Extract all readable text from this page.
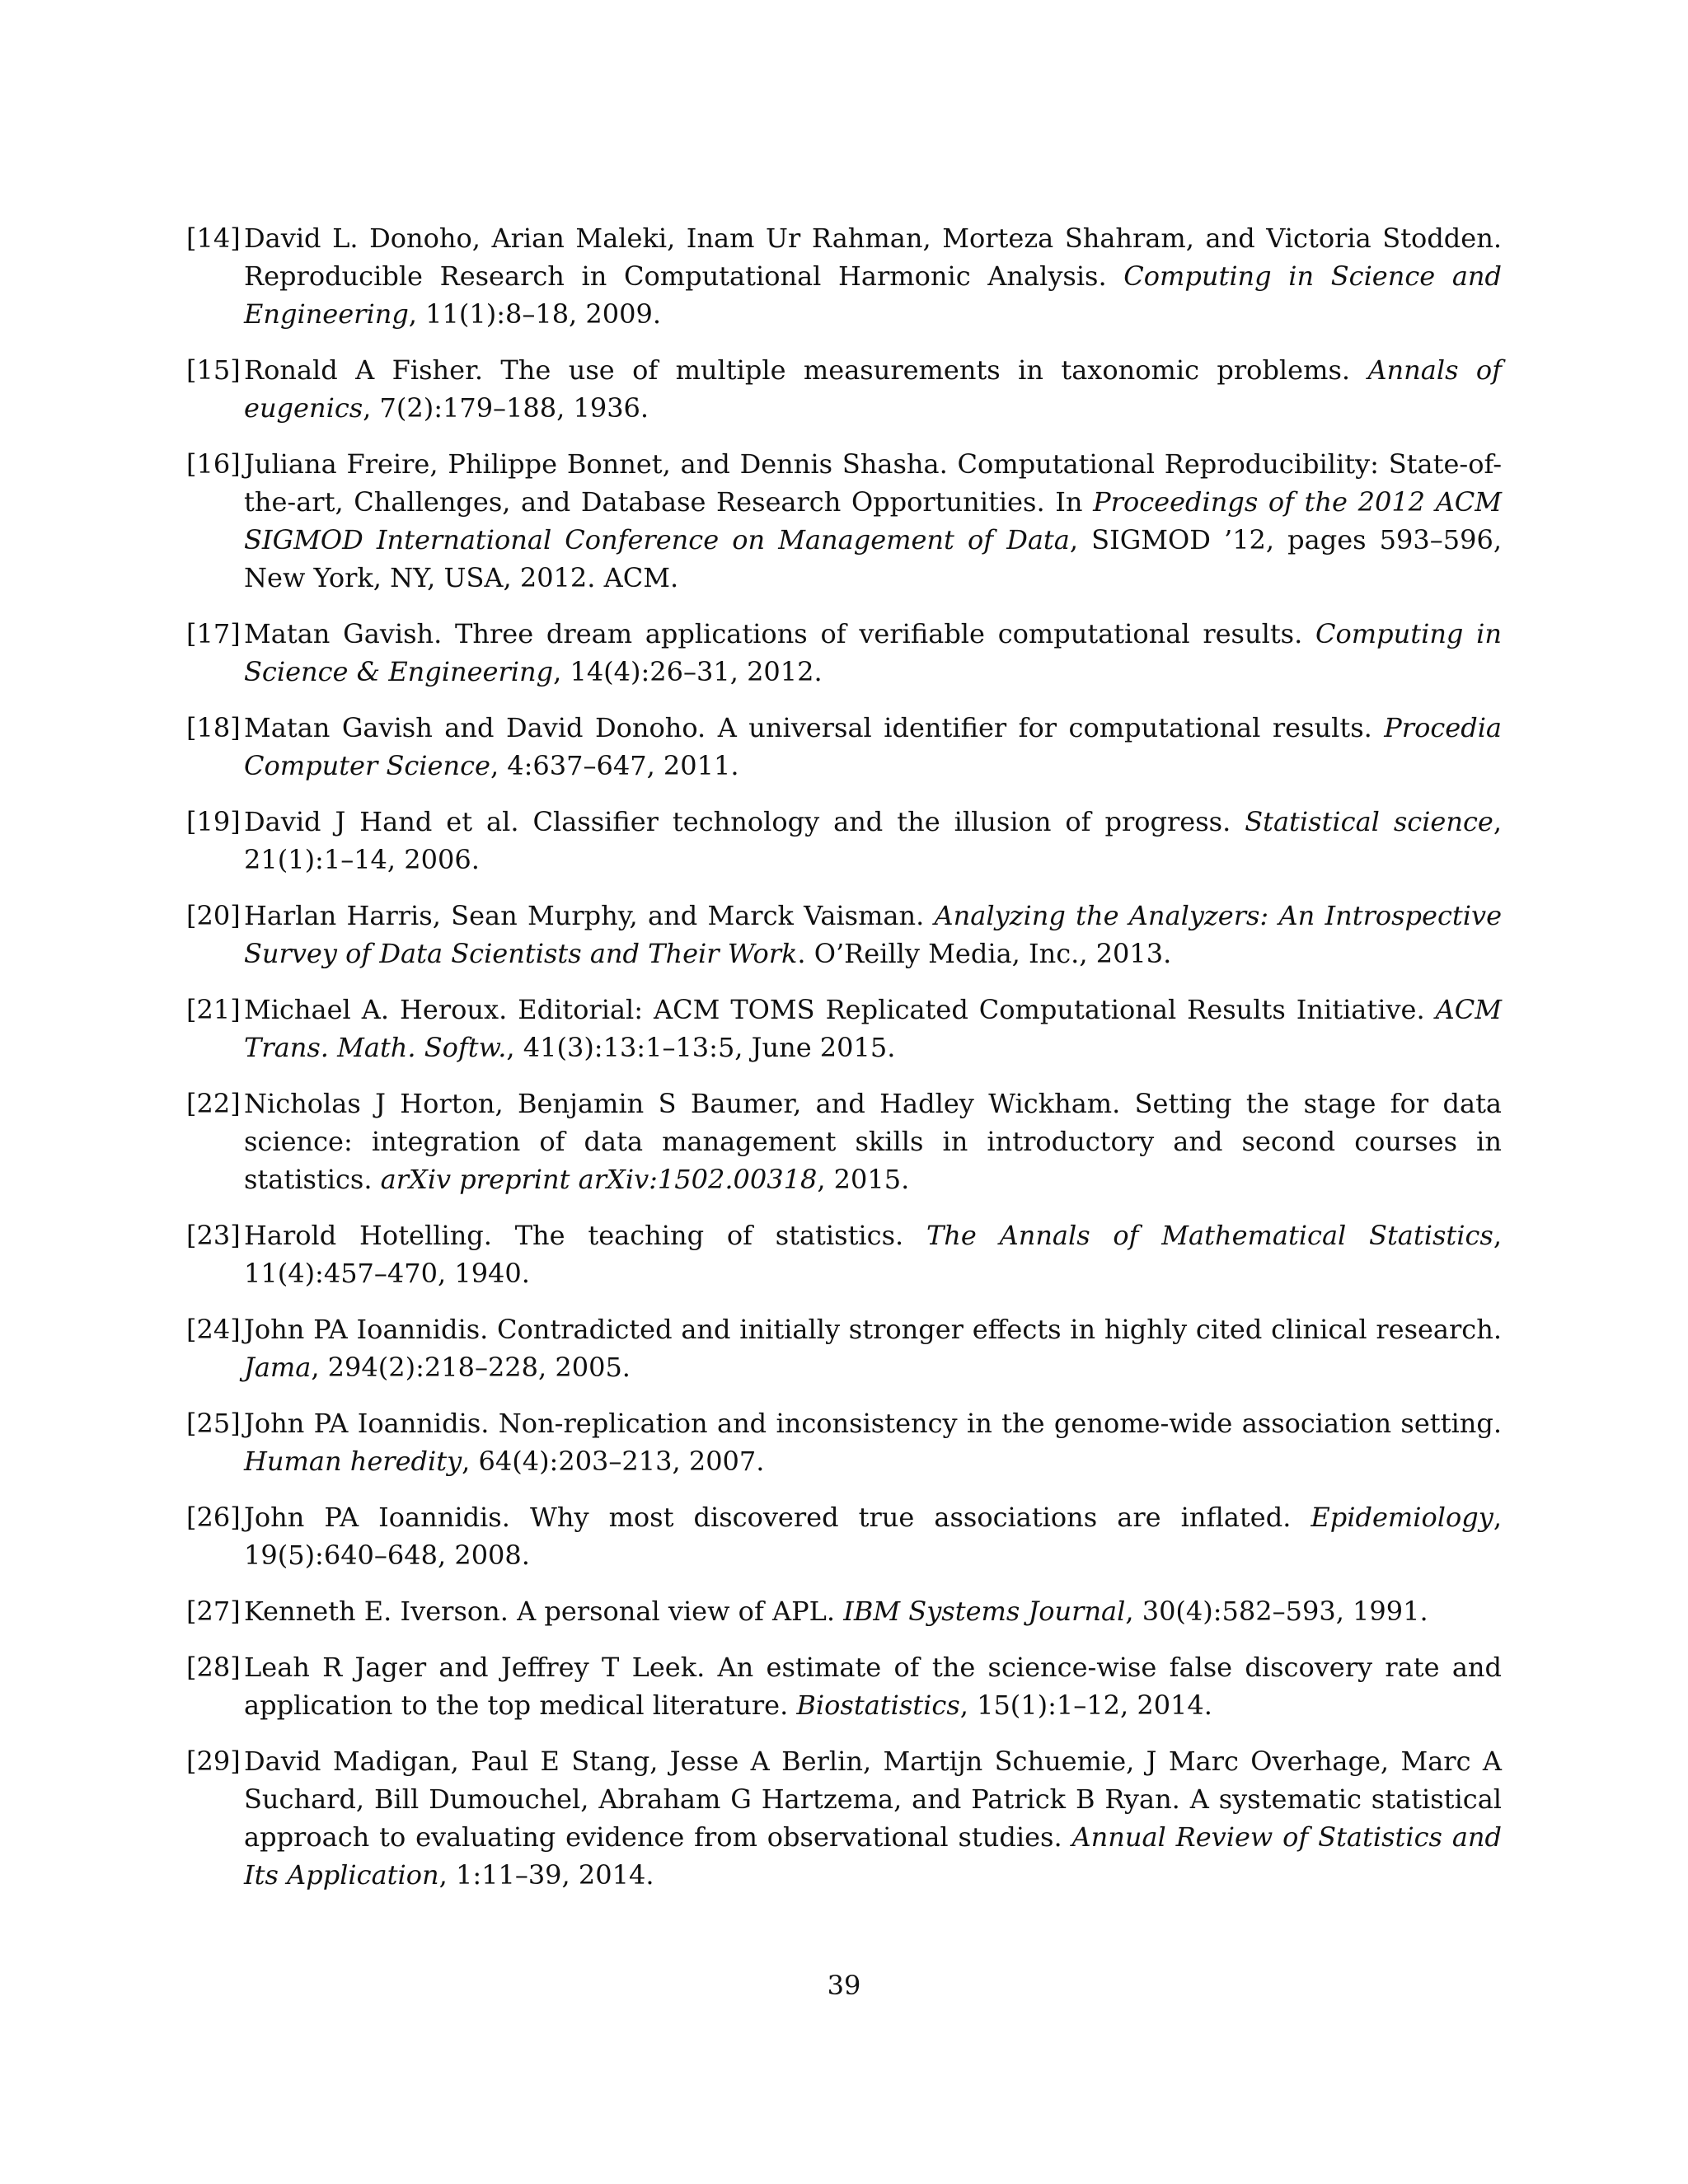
[14] David L. Donoho, Arian Maleki, Inam Ur Rahman, Morteza Shahram, and Victoria Stodden. Reproducible Research in Computational Harmonic Analysis. Computing in Science and Engineering, 11(1):8–18, 2009.
[15] Ronald A Fisher. The use of multiple measurements in taxonomic problems. Annals of eugenics, 7(2):179–188, 1936.
[16] Juliana Freire, Philippe Bonnet, and Dennis Shasha. Computational Reproducibility: State-of-the-art, Challenges, and Database Research Opportunities. In Proceedings of the 2012 ACM SIGMOD International Conference on Management of Data, SIGMOD ’12, pages 593–596, New York, NY, USA, 2012. ACM.
[17] Matan Gavish. Three dream applications of verifiable computational results. Computing in Science & Engineering, 14(4):26–31, 2012.
[18] Matan Gavish and David Donoho. A universal identifier for computational results. Procedia Computer Science, 4:637–647, 2011.
[19] David J Hand et al. Classifier technology and the illusion of progress. Statistical science, 21(1):1–14, 2006.
[20] Harlan Harris, Sean Murphy, and Marck Vaisman. Analyzing the Analyzers: An Introspective Survey of Data Scientists and Their Work. O’Reilly Media, Inc., 2013.
[21] Michael A. Heroux. Editorial: ACM TOMS Replicated Computational Results Initiative. ACM Trans. Math. Softw., 41(3):13:1–13:5, June 2015.
[22] Nicholas J Horton, Benjamin S Baumer, and Hadley Wickham. Setting the stage for data science: integration of data management skills in introductory and second courses in statistics. arXiv preprint arXiv:1502.00318, 2015.
[23] Harold Hotelling. The teaching of statistics. The Annals of Mathematical Statistics, 11(4):457–470, 1940.
[24] John PA Ioannidis. Contradicted and initially stronger effects in highly cited clinical research. Jama, 294(2):218–228, 2005.
[25] John PA Ioannidis. Non-replication and inconsistency in the genome-wide association setting. Human heredity, 64(4):203–213, 2007.
[26] John PA Ioannidis. Why most discovered true associations are inflated. Epidemiology, 19(5):640–648, 2008.
[27] Kenneth E. Iverson. A personal view of APL. IBM Systems Journal, 30(4):582–593, 1991.
[28] Leah R Jager and Jeffrey T Leek. An estimate of the science-wise false discovery rate and application to the top medical literature. Biostatistics, 15(1):1–12, 2014.
[29] David Madigan, Paul E Stang, Jesse A Berlin, Martijn Schuemie, J Marc Overhage, Marc A Suchard, Bill Dumouchel, Abraham G Hartzema, and Patrick B Ryan. A systematic statistical approach to evaluating evidence from observational studies. Annual Review of Statistics and Its Application, 1:11–39, 2014.
39
